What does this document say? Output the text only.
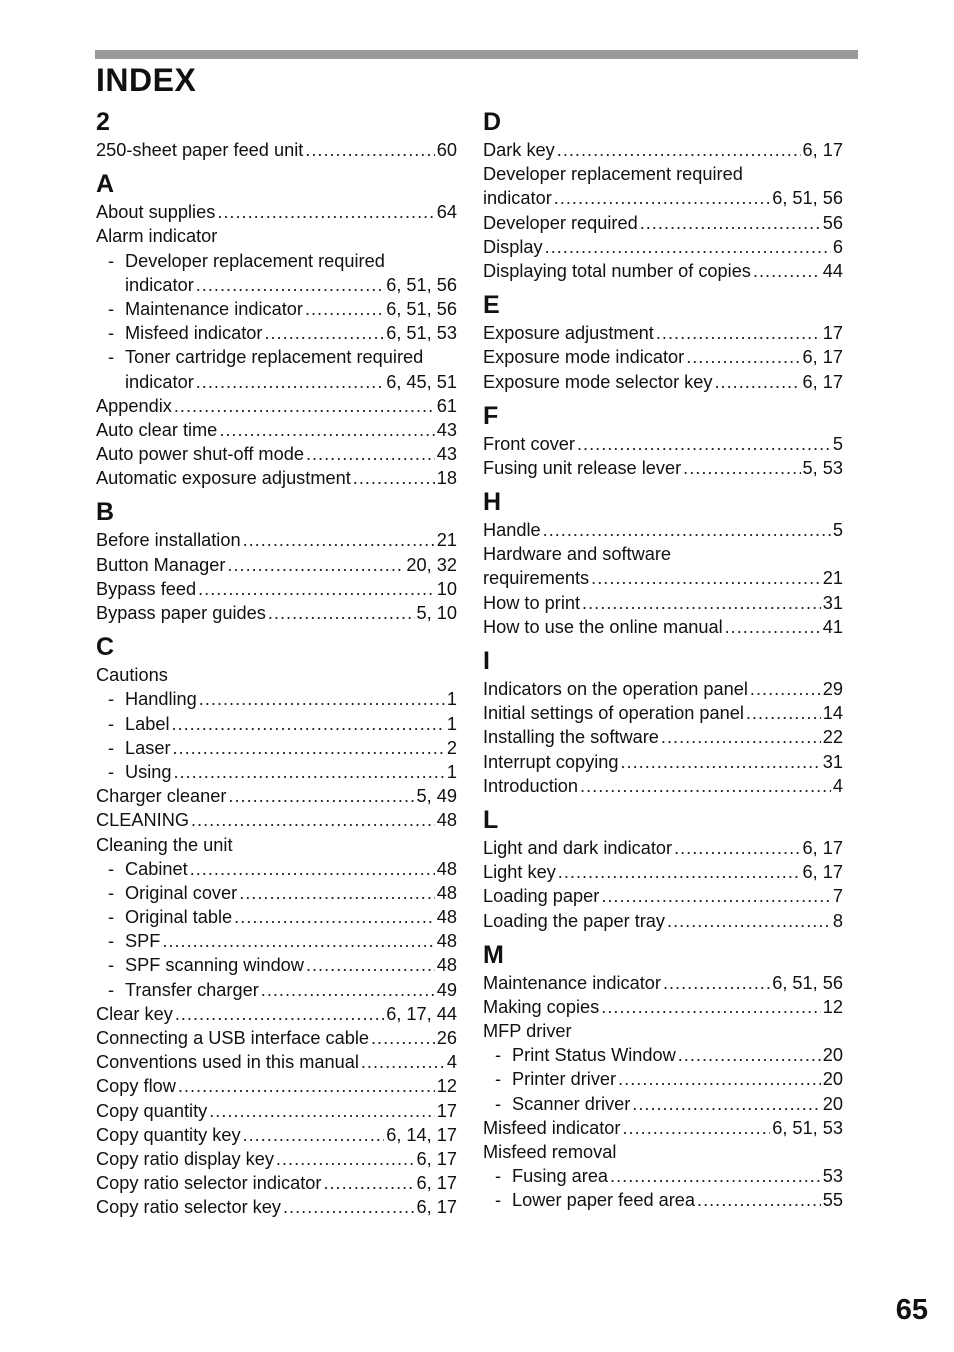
INDEX
2
250-sheet paper feed unit .....	60
A
About supplies .....	64
Alarm indicator
- Developer replacement required
indicator .....	6, 51, 56
- Maintenance indicator .....	6, 51, 56
- Misfeed indicator .....	6, 51, 53
- Toner cartridge replacement required
indicator .....	6, 45, 51
Appendix .....	61
Auto clear time .....	43
Auto power shut-off mode .....	43
Automatic exposure adjustment .....	18
B
Before installation .....	21
Button Manager .....	20, 32
Bypass feed .....	10
Bypass paper guides .....	5, 10
C
Cautions
- Handling .....	1
- Label .....	1
- Laser .....	2
- Using .....	1
Charger cleaner .....	5, 49
CLEANING .....	48
Cleaning the unit
- Cabinet .....	48
- Original cover .....	48
- Original table .....	48
- SPF .....	48
- SPF scanning window .....	48
- Transfer charger .....	49
Clear key .....	6, 17, 44
Connecting a USB interface cable .....	26
Conventions used in this manual .....	4
Copy flow .....	12
Copy quantity .....	17
Copy quantity key .....	6, 14, 17
Copy ratio display key .....	6, 17
Copy ratio selector indicator .....	6, 17
Copy ratio selector key .....	6, 17
D
Dark key .....	6, 17
Developer replacement required
indicator .....	6, 51, 56
Developer required .....	56
Display .....	6
Displaying total number of copies .....	44
E
Exposure adjustment .....	17
Exposure mode indicator .....	6, 17
Exposure mode selector key .....	6, 17
F
Front cover .....	5
Fusing unit release lever .....	5, 53
H
Handle .....	5
Hardware and software
requirements .....	21
How to print .....	31
How to use the online manual .....	41
I
Indicators on the operation panel .....	29
Initial settings of operation panel .....	14
Installing the software .....	22
Interrupt copying .....	31
Introduction .....	4
L
Light and dark indicator .....	6, 17
Light key .....	6, 17
Loading paper .....	7
Loading the paper tray .....	8
M
Maintenance indicator .....	6, 51, 56
Making copies .....	12
MFP driver
- Print Status Window .....	20
- Printer driver .....	20
- Scanner driver .....	20
Misfeed indicator .....	6, 51, 53
Misfeed removal
- Fusing area .....	53
- Lower paper feed area .....	55
65
